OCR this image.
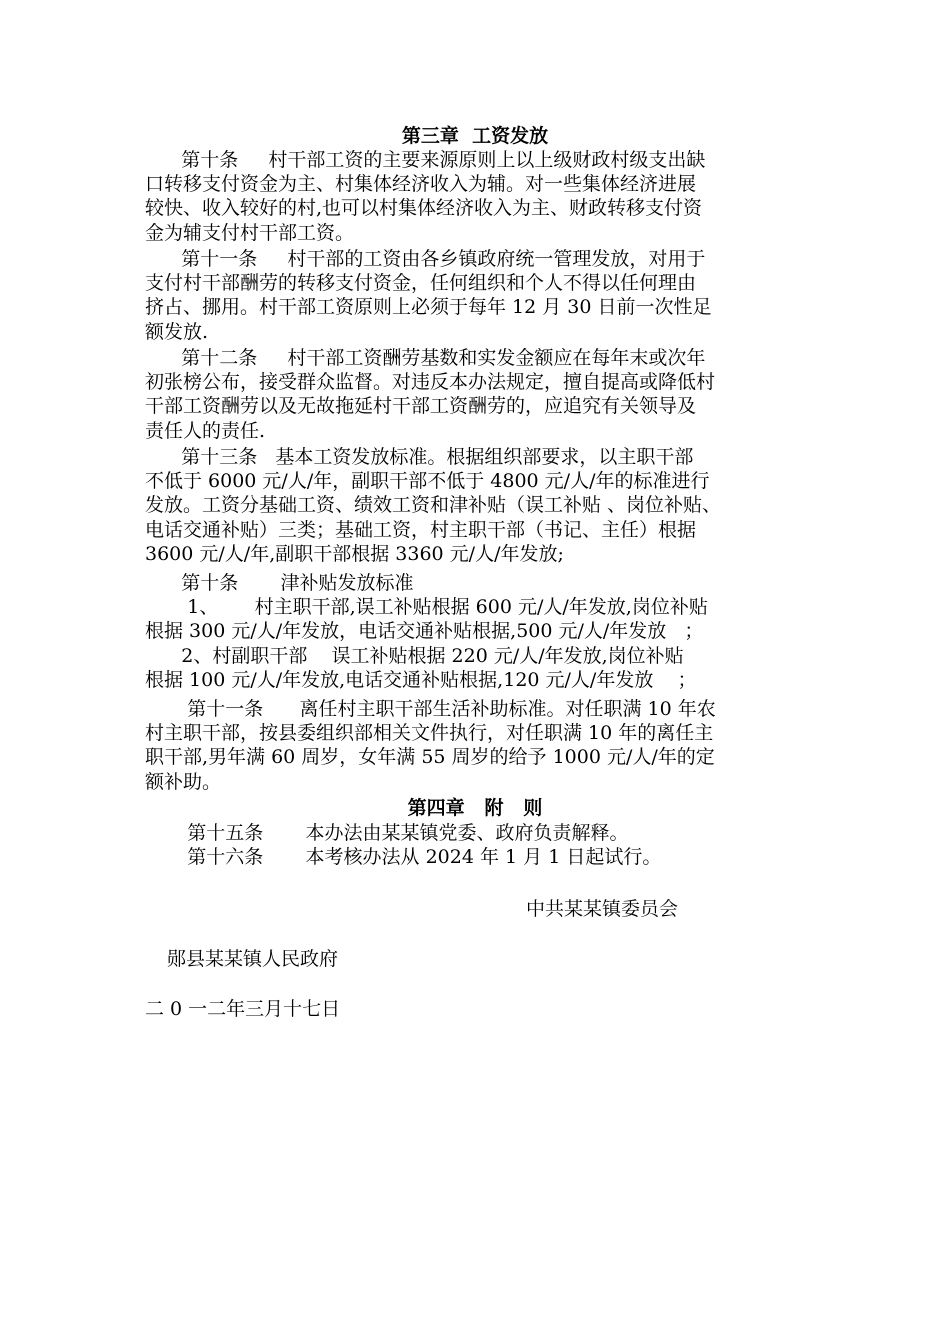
第三章  工资发放
第十条     村干部工资的主要来源原则上以上级财政村级支出缺
口转移支付资金为主、村集体经济收入为辅。对一些集体经济进展
较快、收入较好的村,也可以村集体经济收入为主、财政转移支付资
金为辅支付村干部工资。
第十一条     村干部的工资由各乡镇政府统一管理发放，对用于
支付村干部酬劳的转移支付资金，任何组织和个人不得以任何理由
挤占、挪用。村干部工资原则上必须于每年 12 月 30 日前一次性足
额发放.
第十二条     村干部工资酬劳基数和实发金额应在每年末或次年
初张榜公布，接受群众监督。对违反本办法规定，擅自提高或降低村
干部工资酬劳以及无故拖延村干部工资酬劳的，应追究有关领导及
责任人的责任.
第十三条   基本工资发放标准。根据组织部要求，以主职干部
不低于 6000 元/人/年，副职干部不低于 4800 元/人/年的标准进行
发放。工资分基础工资、绩效工资和津补贴（误工补贴 、岗位补贴、
电话交通补贴）三类；基础工资，村主职干部（书记、主任）根据
3600 元/人/年,副职干部根据 3360 元/人/年发放;
第十条       津补贴发放标准
1、      村主职干部,误工补贴根据 600 元/人/年发放,岗位补贴
根据 300 元/人/年发放，电话交通补贴根据,500 元/人/年发放   ；
2、村副职干部    误工补贴根据 220 元/人/年发放,岗位补贴
根据 100 元/人/年发放,电话交通补贴根据,120 元/人/年发放    ；
第十一条      离任村主职干部生活补助标准。对任职满 10 年农
村主职干部，按县委组织部相关文件执行，对任职满 10 年的离任主
职干部,男年满 60 周岁，女年满 55 周岁的给予 1000 元/人/年的定
额补助。
第四章   附   则
第十五条       本办法由某某镇党委、政府负责解释。
第十六条       本考核办法从 2024 年 1 月 1 日起试行。
中共某某镇委员会
郧县某某镇人民政府
二 0 一二年三月十七日
